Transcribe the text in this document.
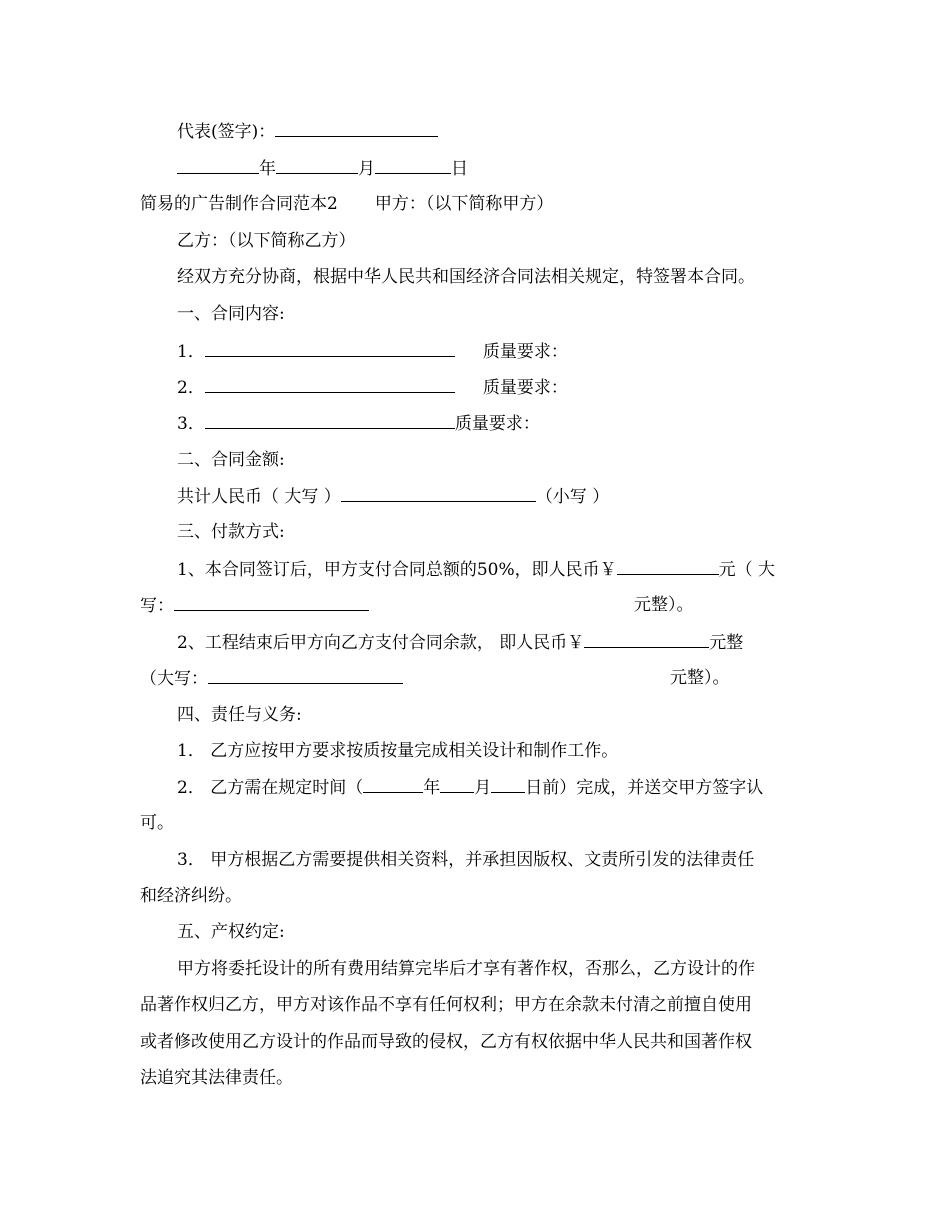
代表(签字)：
年	月	日
简易的广告制作合同范本2 甲方：（以下简称甲方）
乙方：（以下简称乙方）
经双方充分协商，根据中华人民共和国经济合同法相关规定，特签署本合同。
一、合同内容:
1．	质量要求：
2．	质量要求：
3．	质量要求：
二、合同金额:
共计人民币（ 大写 ）	（小写 ）
三、付款方式:
1、本合同签订后，甲方支付合同总额的50%，即人民币￥	元（ 大
写：	元整）。
2、工程结束后甲方向乙方支付合同余款， 即人民币￥	元整
（大写：	元整）。
四、责任与义务:
1． 乙方应按甲方要求按质按量完成相关设计和制作工作。
2． 乙方需在规定时间（	年 月 日前）完成，并送交甲方签字认
可。
3． 甲方根据乙方需要提供相关资料，并承担因版权、文责所引发的法律责任
和经济纠纷。
五、产权约定:
甲方将委托设计的所有费用结算完毕后才享有著作权，否那么，乙方设计的作
品著作权归乙方，甲方对该作品不享有任何权利；甲方在余款未付清之前擅自使用
或者修改使用乙方设计的作品而导致的侵权，乙方有权依据中华人民共和国著作权
法追究其法律责任。
